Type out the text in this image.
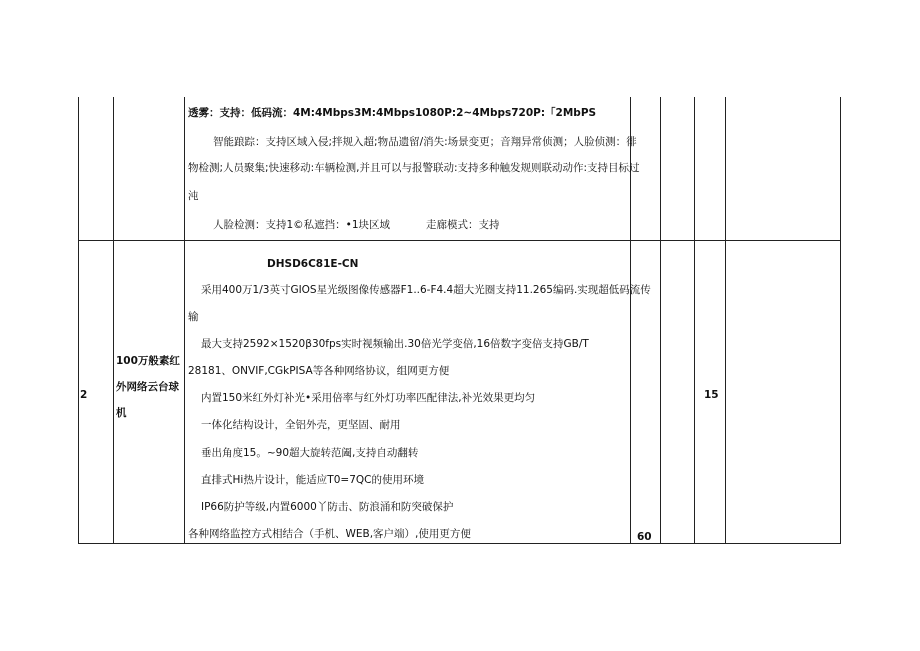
透雾：支持：低码流：4M:4Mbps3M:4Mbps1080P:2~4Mbps720P:「2MbPS
智能踉踪：支持区域入侵;拌规入超;物品遗留/消失:场景变更；音翔异常侦测；人脸侦测：徘
物检测;人员聚集;快速移动:车辆检测,并且可以与报警联动:支持多种触发规则联动动作:支持目标过
沌
人脸检测：支持1©私遮挡：•1块区域	走廊模式：支持
2
100万般素红外网络云台球机
DHSD6C81E-CN
采用400万1/3英寸GIOS星光级图像传感器F1..6-F4.4超大光圈支持11.265编码.实现超低码流传
输
最大支持2592×1520β30fps实时视频输出.30倍光学变倍,16倍数字变倍支持GB/T
28181、ONVIF,CGkPISA等各种网络协议，组网更方便
内置150米红外灯补光•采用倍率与红外灯功率匹配律法,补光效果更均匀
一体化结构设计，全铝外壳，更坚固、耐用
垂出角度15。~90超大旋转范阖,支持自动翻转
直排式Hi热片设计，能适应T0=7QC的使用环境
IP66防护等级,内置6000丫防击、防浪涌和防突破保护
各种网络监控方式相结合（手机、WEB,客户端）,使用更方便
15
60
